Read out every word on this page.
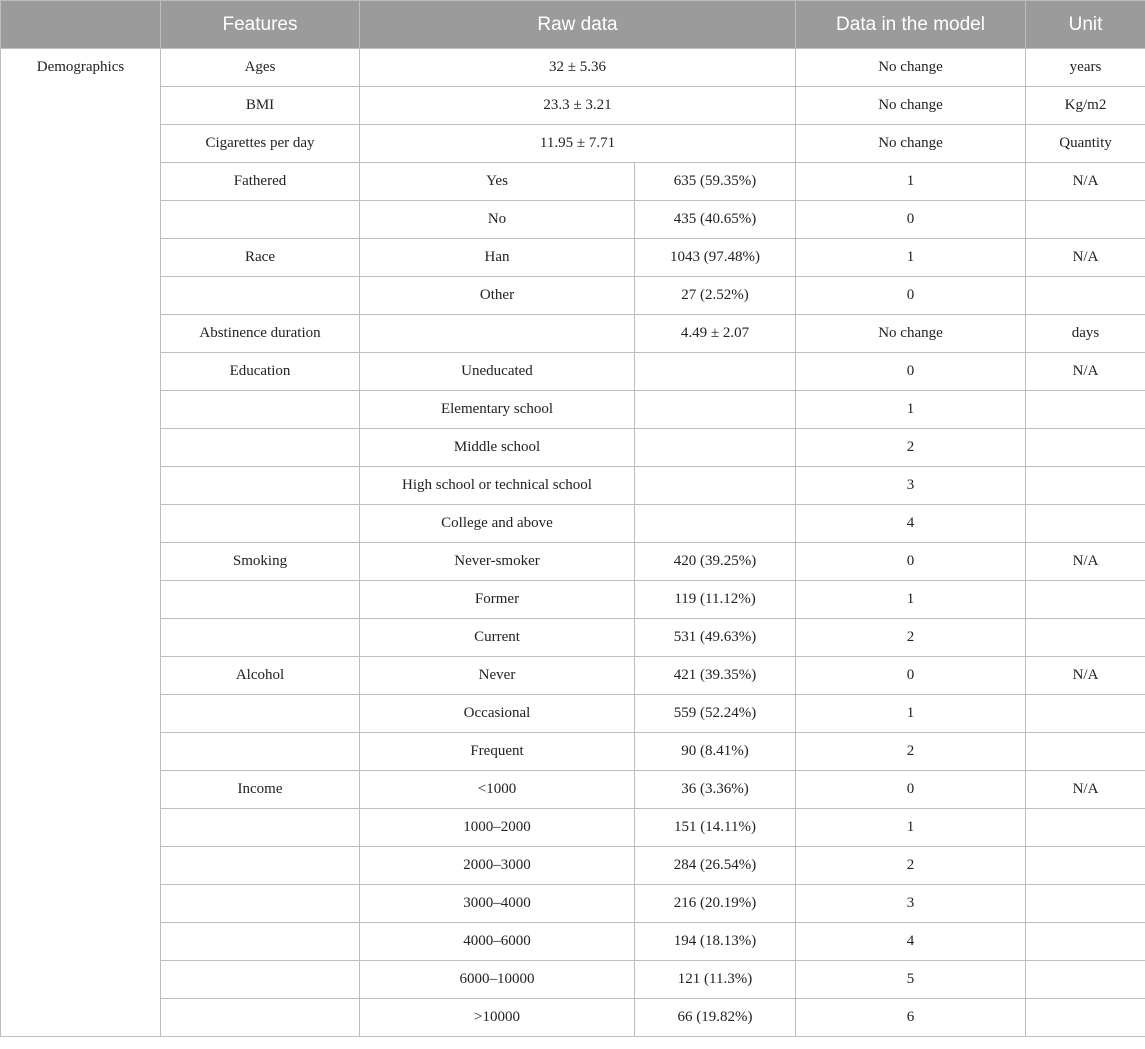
	Features	Raw data		Data in the model	Unit
Demographics	Ages	32 ± 5.36		No change	years
	BMI	23.3 ± 3.21		No change	Kg/m2
	Cigarettes per day	11.95 ± 7.71		No change	Quantity
	Fathered	Yes	635 (59.35%)	1	N/A
		No	435 (40.65%)	0	
	Race	Han	1043 (97.48%)	1	N/A
		Other	27 (2.52%)	0	
	Abstinence duration		4.49 ± 2.07	No change	days
	Education	Uneducated		0	N/A
		Elementary school		1	
		Middle school		2	
		High school or technical school		3	
		College and above		4	
	Smoking	Never-smoker	420 (39.25%)	0	N/A
		Former	119 (11.12%)	1	
		Current	531 (49.63%)	2	
	Alcohol	Never	421 (39.35%)	0	N/A
		Occasional	559 (52.24%)	1	
		Frequent	90 (8.41%)	2	
	Income	<1000	36 (3.36%)	0	N/A
		1000–2000	151 (14.11%)	1	
		2000–3000	284 (26.54%)	2	
		3000–4000	216 (20.19%)	3	
		4000–6000	194 (18.13%)	4	
		6000–10000	121 (11.3%)	5	
		>10000	66 (19.82%)	6	
